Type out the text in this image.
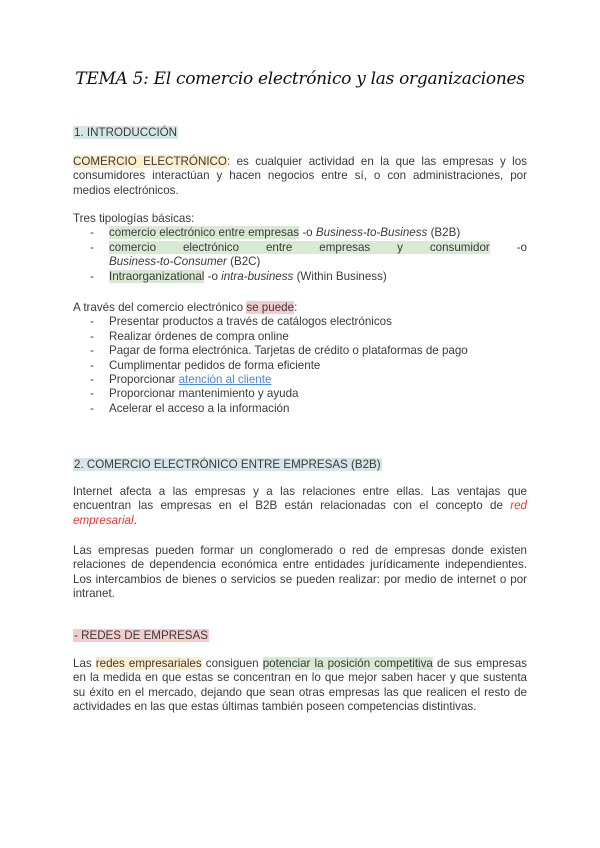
TEMA 5: El comercio electrónico y las organizaciones
1. INTRODUCCIÓN
COMERCIO ELECTRÓNICO: es cualquier actividad en la que las empresas y los consumidores interactúan y hacen negocios entre sí, o con administraciones, por medios electrónicos.
Tres tipologías básicas:
- comercio electrónico entre empresas -o Business-to-Business (B2B)
- comercio electrónico entre empresas y consumidor -o
Business-to-Consumer (B2C)
- Intraorganizational -o intra-business (Within Business)
A través del comercio electrónico se puede:
- Presentar productos a través de catálogos electrónicos
- Realizar órdenes de compra online
- Pagar de forma electrónica. Tarjetas de crédito o plataformas de pago
- Cumplimentar pedidos de forma eficiente
- Proporcionar atención al cliente
- Proporcionar mantenimiento y ayuda
- Acelerar el acceso a la información
2. COMERCIO ELECTRÓNICO ENTRE EMPRESAS (B2B)
Internet afecta a las empresas y a las relaciones entre ellas. Las ventajas que encuentran las empresas en el B2B están relacionadas con el concepto de red empresarial.
Las empresas pueden formar un conglomerado o red de empresas donde existen relaciones de dependencia económica entre entidades jurídicamente independientes. Los intercambios de bienes o servicios se pueden realizar: por medio de internet o por intranet.
- REDES DE EMPRESAS
Las redes empresariales consiguen potenciar la posición competitiva de sus empresas en la medida en que estas se concentran en lo que mejor saben hacer y que sustenta su éxito en el mercado, dejando que sean otras empresas las que realicen el resto de actividades en las que estas últimas también poseen competencias distintivas.
